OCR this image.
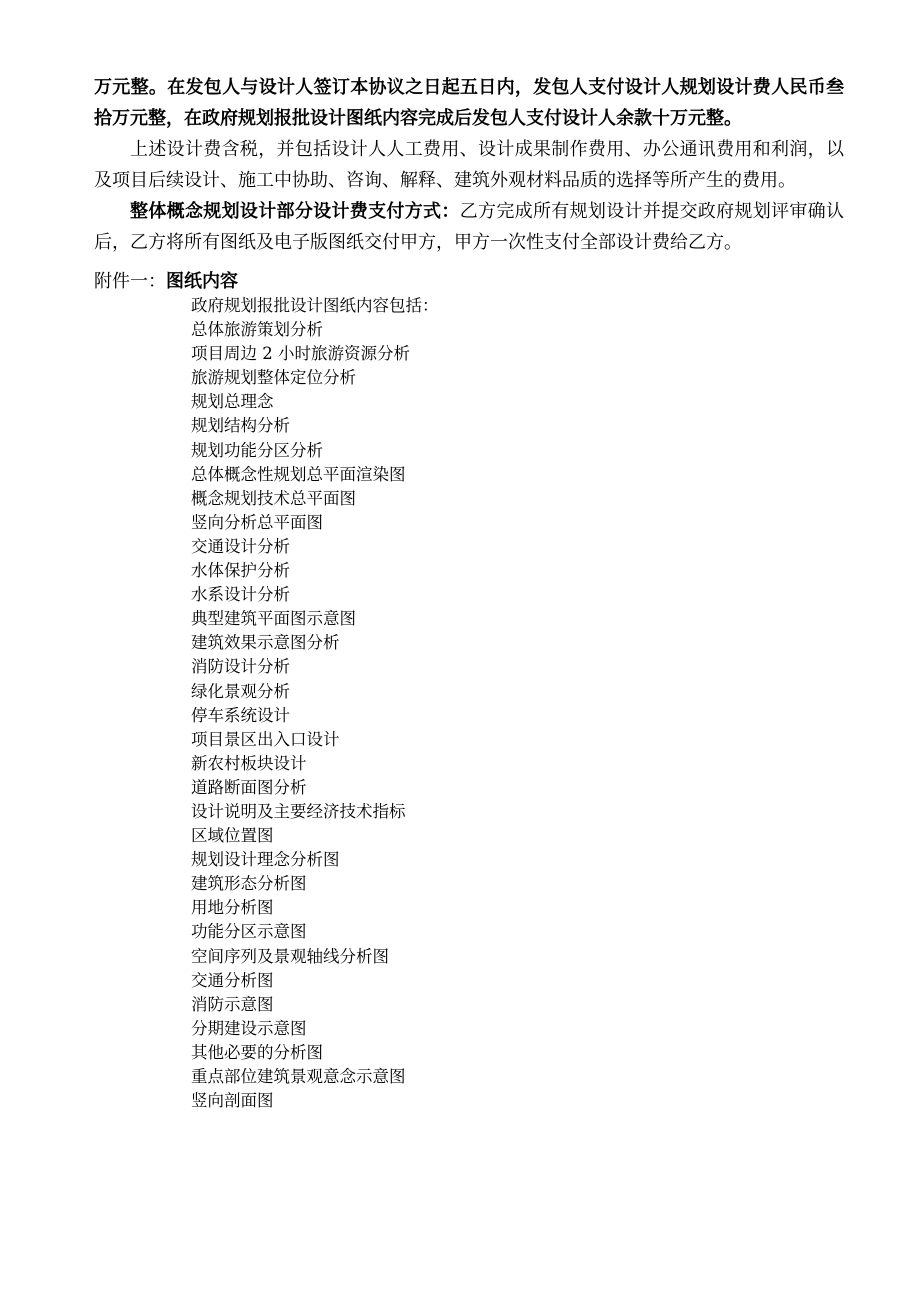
万元整。在发包人与设计人签订本协议之日起五日内，发包人支付设计人规划设计费人民币叁拾万元整，在政府规划报批设计图纸内容完成后发包人支付设计人余款十万元整。

上述设计费含税，并包括设计人人工费用、设计成果制作费用、办公通讯费用和利润，以及项目后续设计、施工中协助、咨询、解释、建筑外观材料品质的选择等所产生的费用。

整体概念规划设计部分设计费支付方式：乙方完成所有规划设计并提交政府规划评审确认后，乙方将所有图纸及电子版图纸交付甲方，甲方一次性支付全部设计费给乙方。

附件一：图纸内容
政府规划报批设计图纸内容包括：
总体旅游策划分析
项目周边 2 小时旅游资源分析
旅游规划整体定位分析
规划总理念
规划结构分析
规划功能分区分析
总体概念性规划总平面渲染图
概念规划技术总平面图
竖向分析总平面图
交通设计分析
水体保护分析
水系设计分析
典型建筑平面图示意图
建筑效果示意图分析
消防设计分析
绿化景观分析
停车系统设计
项目景区出入口设计
新农村板块设计
道路断面图分析
设计说明及主要经济技术指标
区域位置图
规划设计理念分析图
建筑形态分析图
用地分析图
功能分区示意图
空间序列及景观轴线分析图
交通分析图
消防示意图
分期建设示意图
其他必要的分析图
重点部位建筑景观意念示意图
竖向剖面图
